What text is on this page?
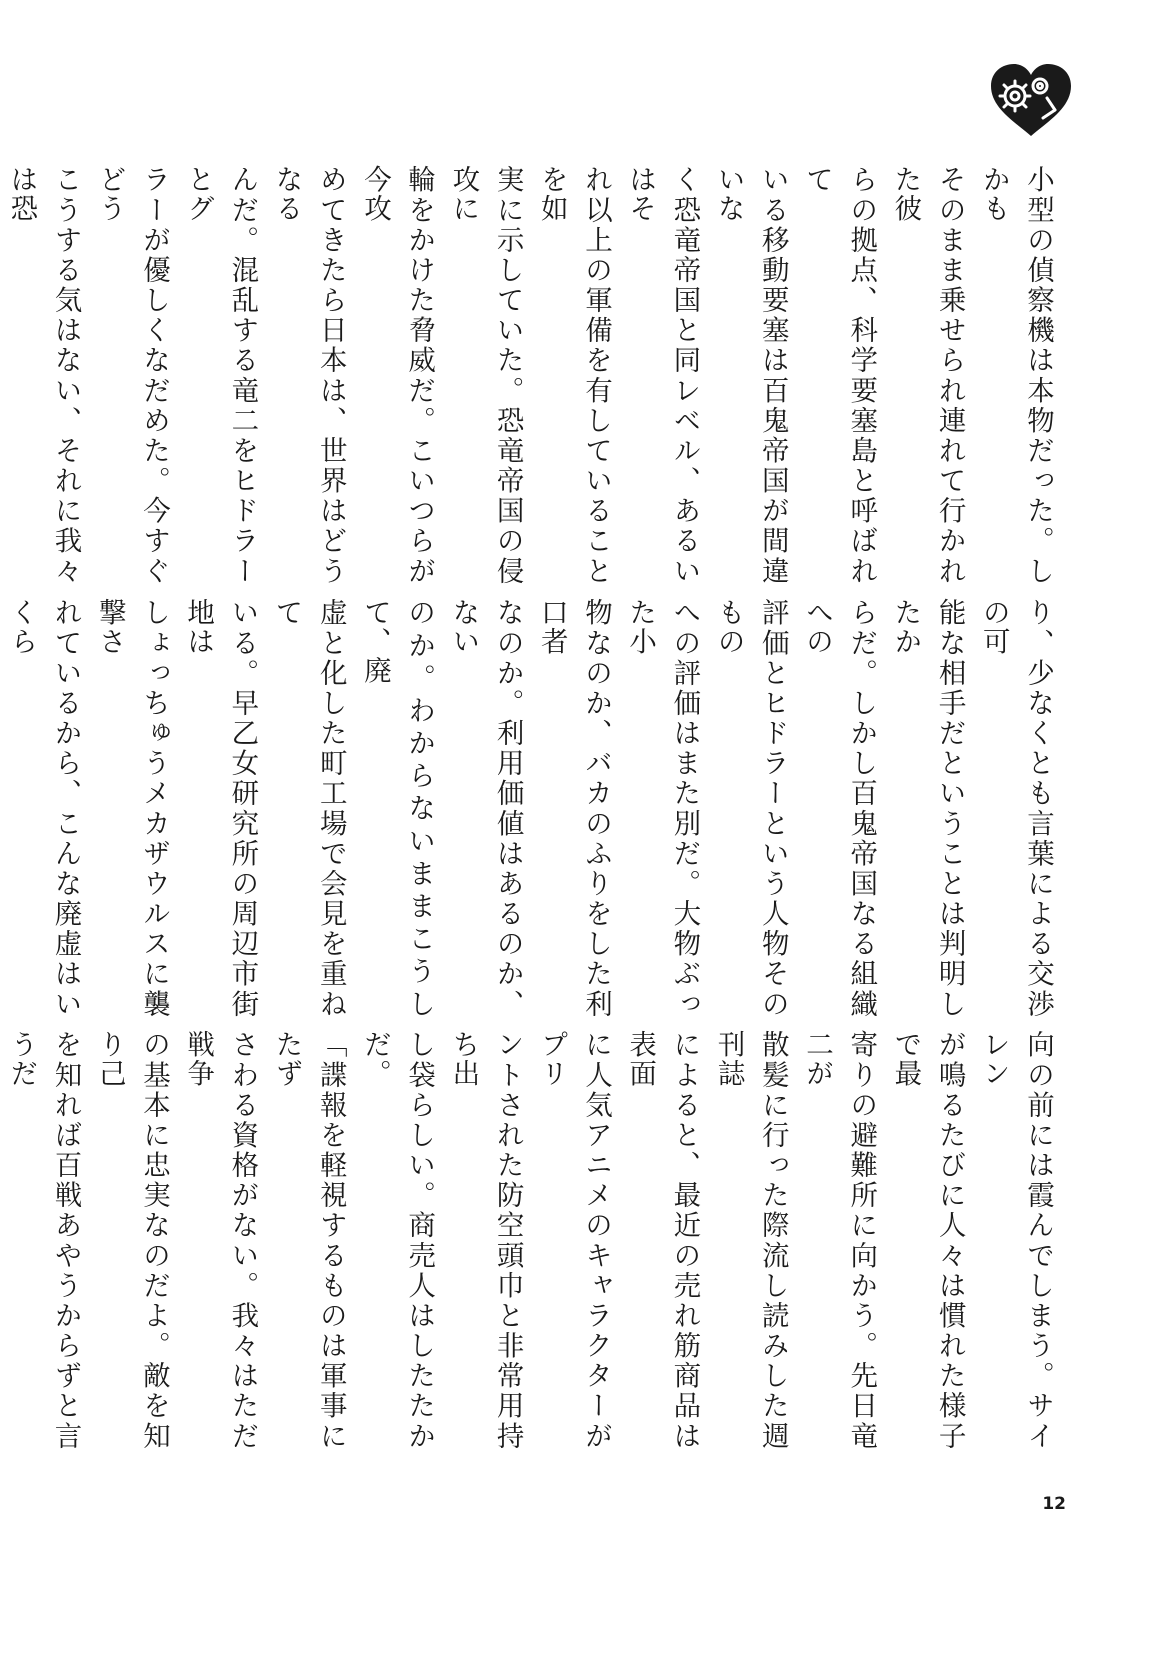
小型の偵察機は本物だった。しかも
そのまま乗せられ連れて行かれた彼
らの拠点、科学要塞島と呼ばれて
いる移動要塞は百鬼帝国が間違いな
く恐竜帝国と同レベル、あるいはそ
れ以上の軍備を有していることを如
実に示していた。恐竜帝国の侵攻に
輪をかけた脅威だ。こいつらが今攻
めてきたら日本は、世界はどうなる
んだ。混乱する竜二をヒドラーとグ
ラーが優しくなだめた。今すぐどう
こうする気はない、それに我々は恐
り、少なくとも言葉による交渉の可
能な相手だということは判明したか
らだ。しかし百鬼帝国なる組織への
評価とヒドラーという人物そのもの
への評価はまた別だ。大物ぶった小
物なのか、バカのふりをした利口者
なのか。利用価値はあるのか、ない
のか。わからないままこうして、廃
虚と化した町工場で会見を重ねて
いる。早乙女研究所の周辺市街地は
しょっちゅうメカザウルスに襲撃さ
れているから、こんな廃虚はいくら
向の前には霞んでしまう。サイレン
が鳴るたびに人々は慣れた様子で最
寄りの避難所に向かう。先日竜二が
散髪に行った際流し読みした週刊誌
によると、最近の売れ筋商品は表面
に人気アニメのキャラクターがプリ
ントされた防空頭巾と非常用持ち出
し袋らしい。商売人はしたたかだ。
「諜報を軽視するものは軍事にたず
さわる資格がない。我々はただ戦争
の基本に忠実なのだよ。敵を知り己
を知れば百戦あやうからずと言うだ
12
